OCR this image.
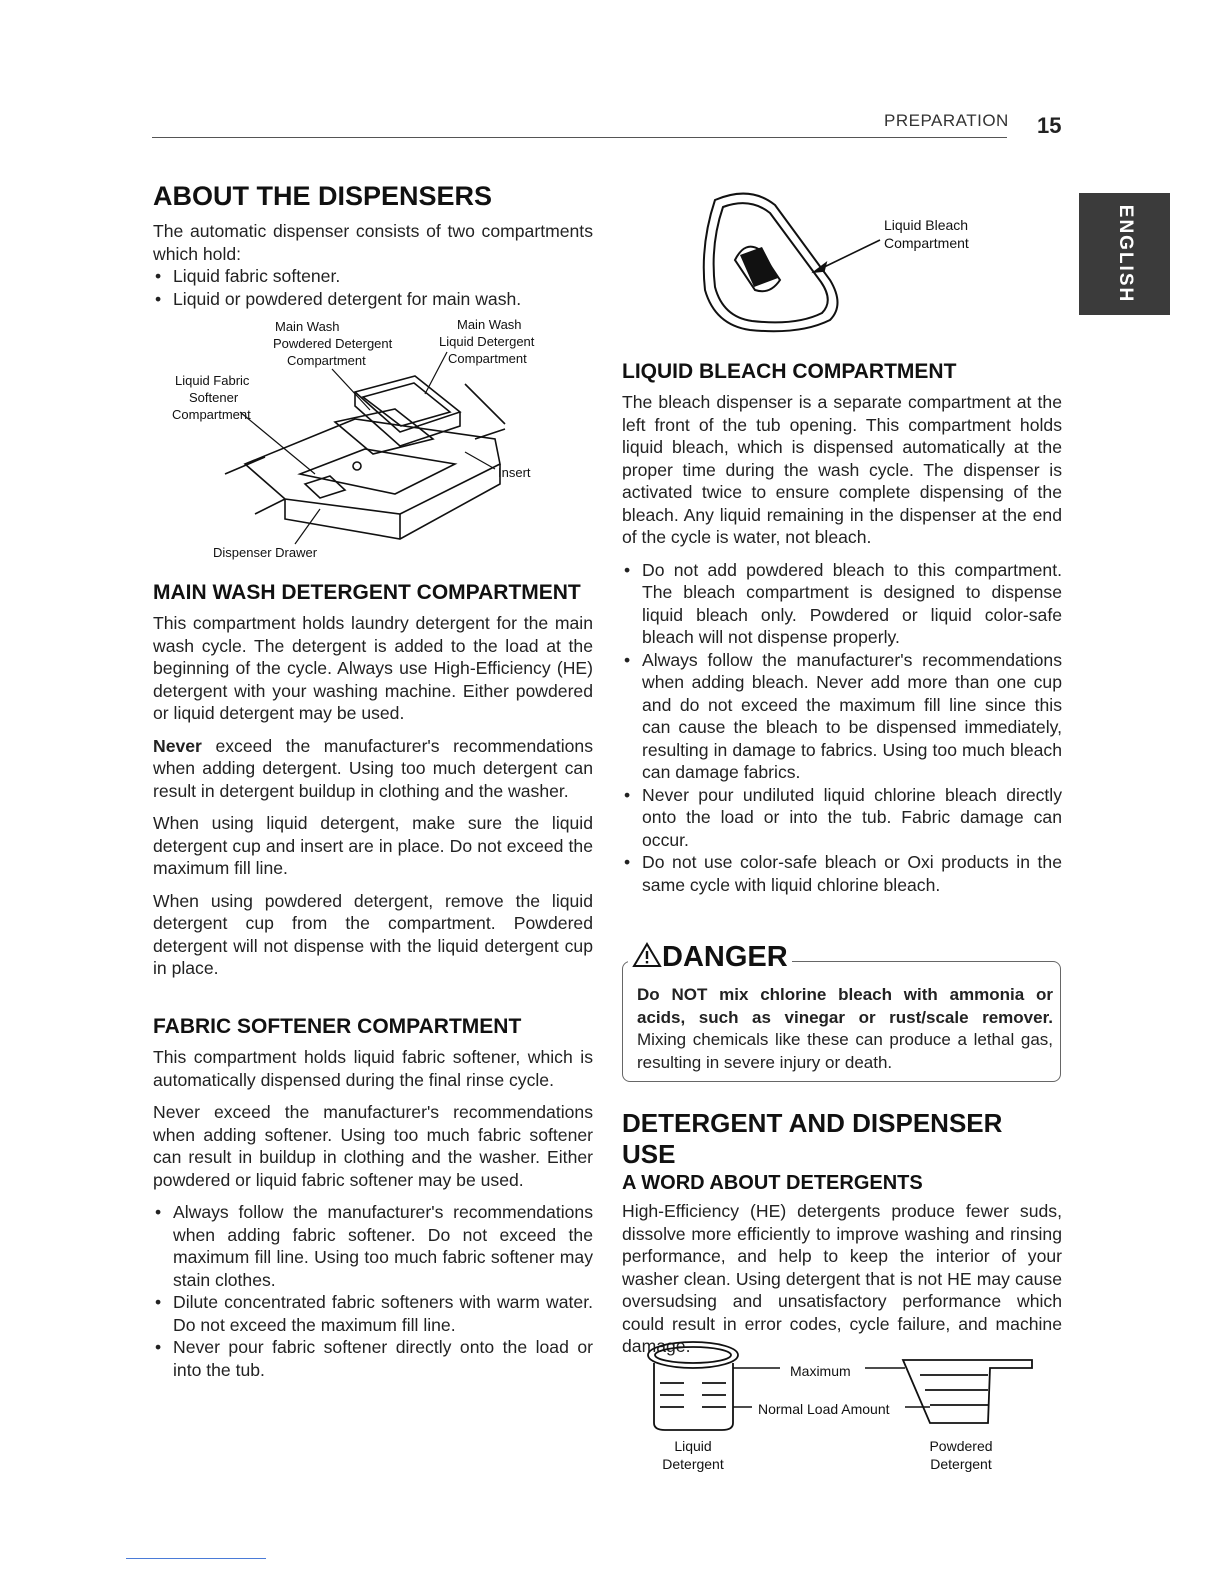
PREPARATION 15
ENGLISH
ABOUT THE DISPENSERS

The automatic dispenser consists of two compartments which hold:

• Liquid fabric softener.
• Liquid or powdered detergent for main wash.
Main Wash
Powdered Detergent
Compartment
Main Wash
Liquid Detergent
Compartment
Liquid Fabric
Softener
Compartment
Insert
Dispenser Drawer
MAIN WASH DETERGENT COMPARTMENT

This compartment holds laundry detergent for the main wash cycle. The detergent is added to the load at the beginning of the cycle. Always use High-Efficiency (HE) detergent with your washing machine. Either powdered or liquid detergent may be used.

Never exceed the manufacturer's recommendations when adding detergent. Using too much detergent can result in detergent buildup in clothing and the washer.

When using liquid detergent, make sure the liquid detergent cup and insert are in place. Do not exceed the maximum fill line.

When using powdered detergent, remove the liquid detergent cup from the compartment. Powdered detergent will not dispense with the liquid detergent cup in place.

FABRIC SOFTENER COMPARTMENT

This compartment holds liquid fabric softener, which is automatically dispensed during the final rinse cycle.

Never exceed the manufacturer's recommendations when adding softener. Using too much fabric softener can result in buildup in clothing and the washer. Either powdered or liquid fabric softener may be used.

• Always follow the manufacturer's recommendations when adding fabric softener. Do not exceed the maximum fill line. Using too much fabric softener may stain clothes.
• Dilute concentrated fabric softeners with warm water. Do not exceed the maximum fill line.
• Never pour fabric softener directly onto the load or into the tub.
Liquid Bleach
Compartment
LIQUID BLEACH COMPARTMENT

The bleach dispenser is a separate compartment at the left front of the tub opening. This compartment holds liquid bleach, which is dispensed automatically at the proper time during the wash cycle. The dispenser is activated twice to ensure complete dispensing of the bleach. Any liquid remaining in the dispenser at the end of the cycle is water, not bleach.

• Do not add powdered bleach to this compartment. The bleach compartment is designed to dispense liquid bleach only. Powdered or liquid color-safe bleach will not dispense properly.
• Always follow the manufacturer's recommendations when adding bleach. Never add more than one cup and do not exceed the maximum fill line since this can cause the bleach to be dispensed immediately, resulting in damage to fabrics. Using too much bleach can damage fabrics.
• Never pour undiluted liquid chlorine bleach directly onto the load or into the tub. Fabric damage can occur.
• Do not use color-safe bleach or Oxi products in the same cycle with liquid chlorine bleach.
DANGER
Do NOT mix chlorine bleach with ammonia or acids, such as vinegar or rust/scale remover. Mixing chemicals like these can produce a lethal gas, resulting in severe injury or death.
DETERGENT AND DISPENSER USE
A WORD ABOUT DETERGENTS

High-Efficiency (HE) detergents produce fewer suds, dissolve more efficiently to improve washing and rinsing performance, and help to keep the interior of your washer clean. Using detergent that is not HE may cause oversudsing and unsatisfactory performance which could result in error codes, cycle failure, and machine damage.

Maximum
Normal Load Amount
Liquid
Detergent
Powdered
Detergent
